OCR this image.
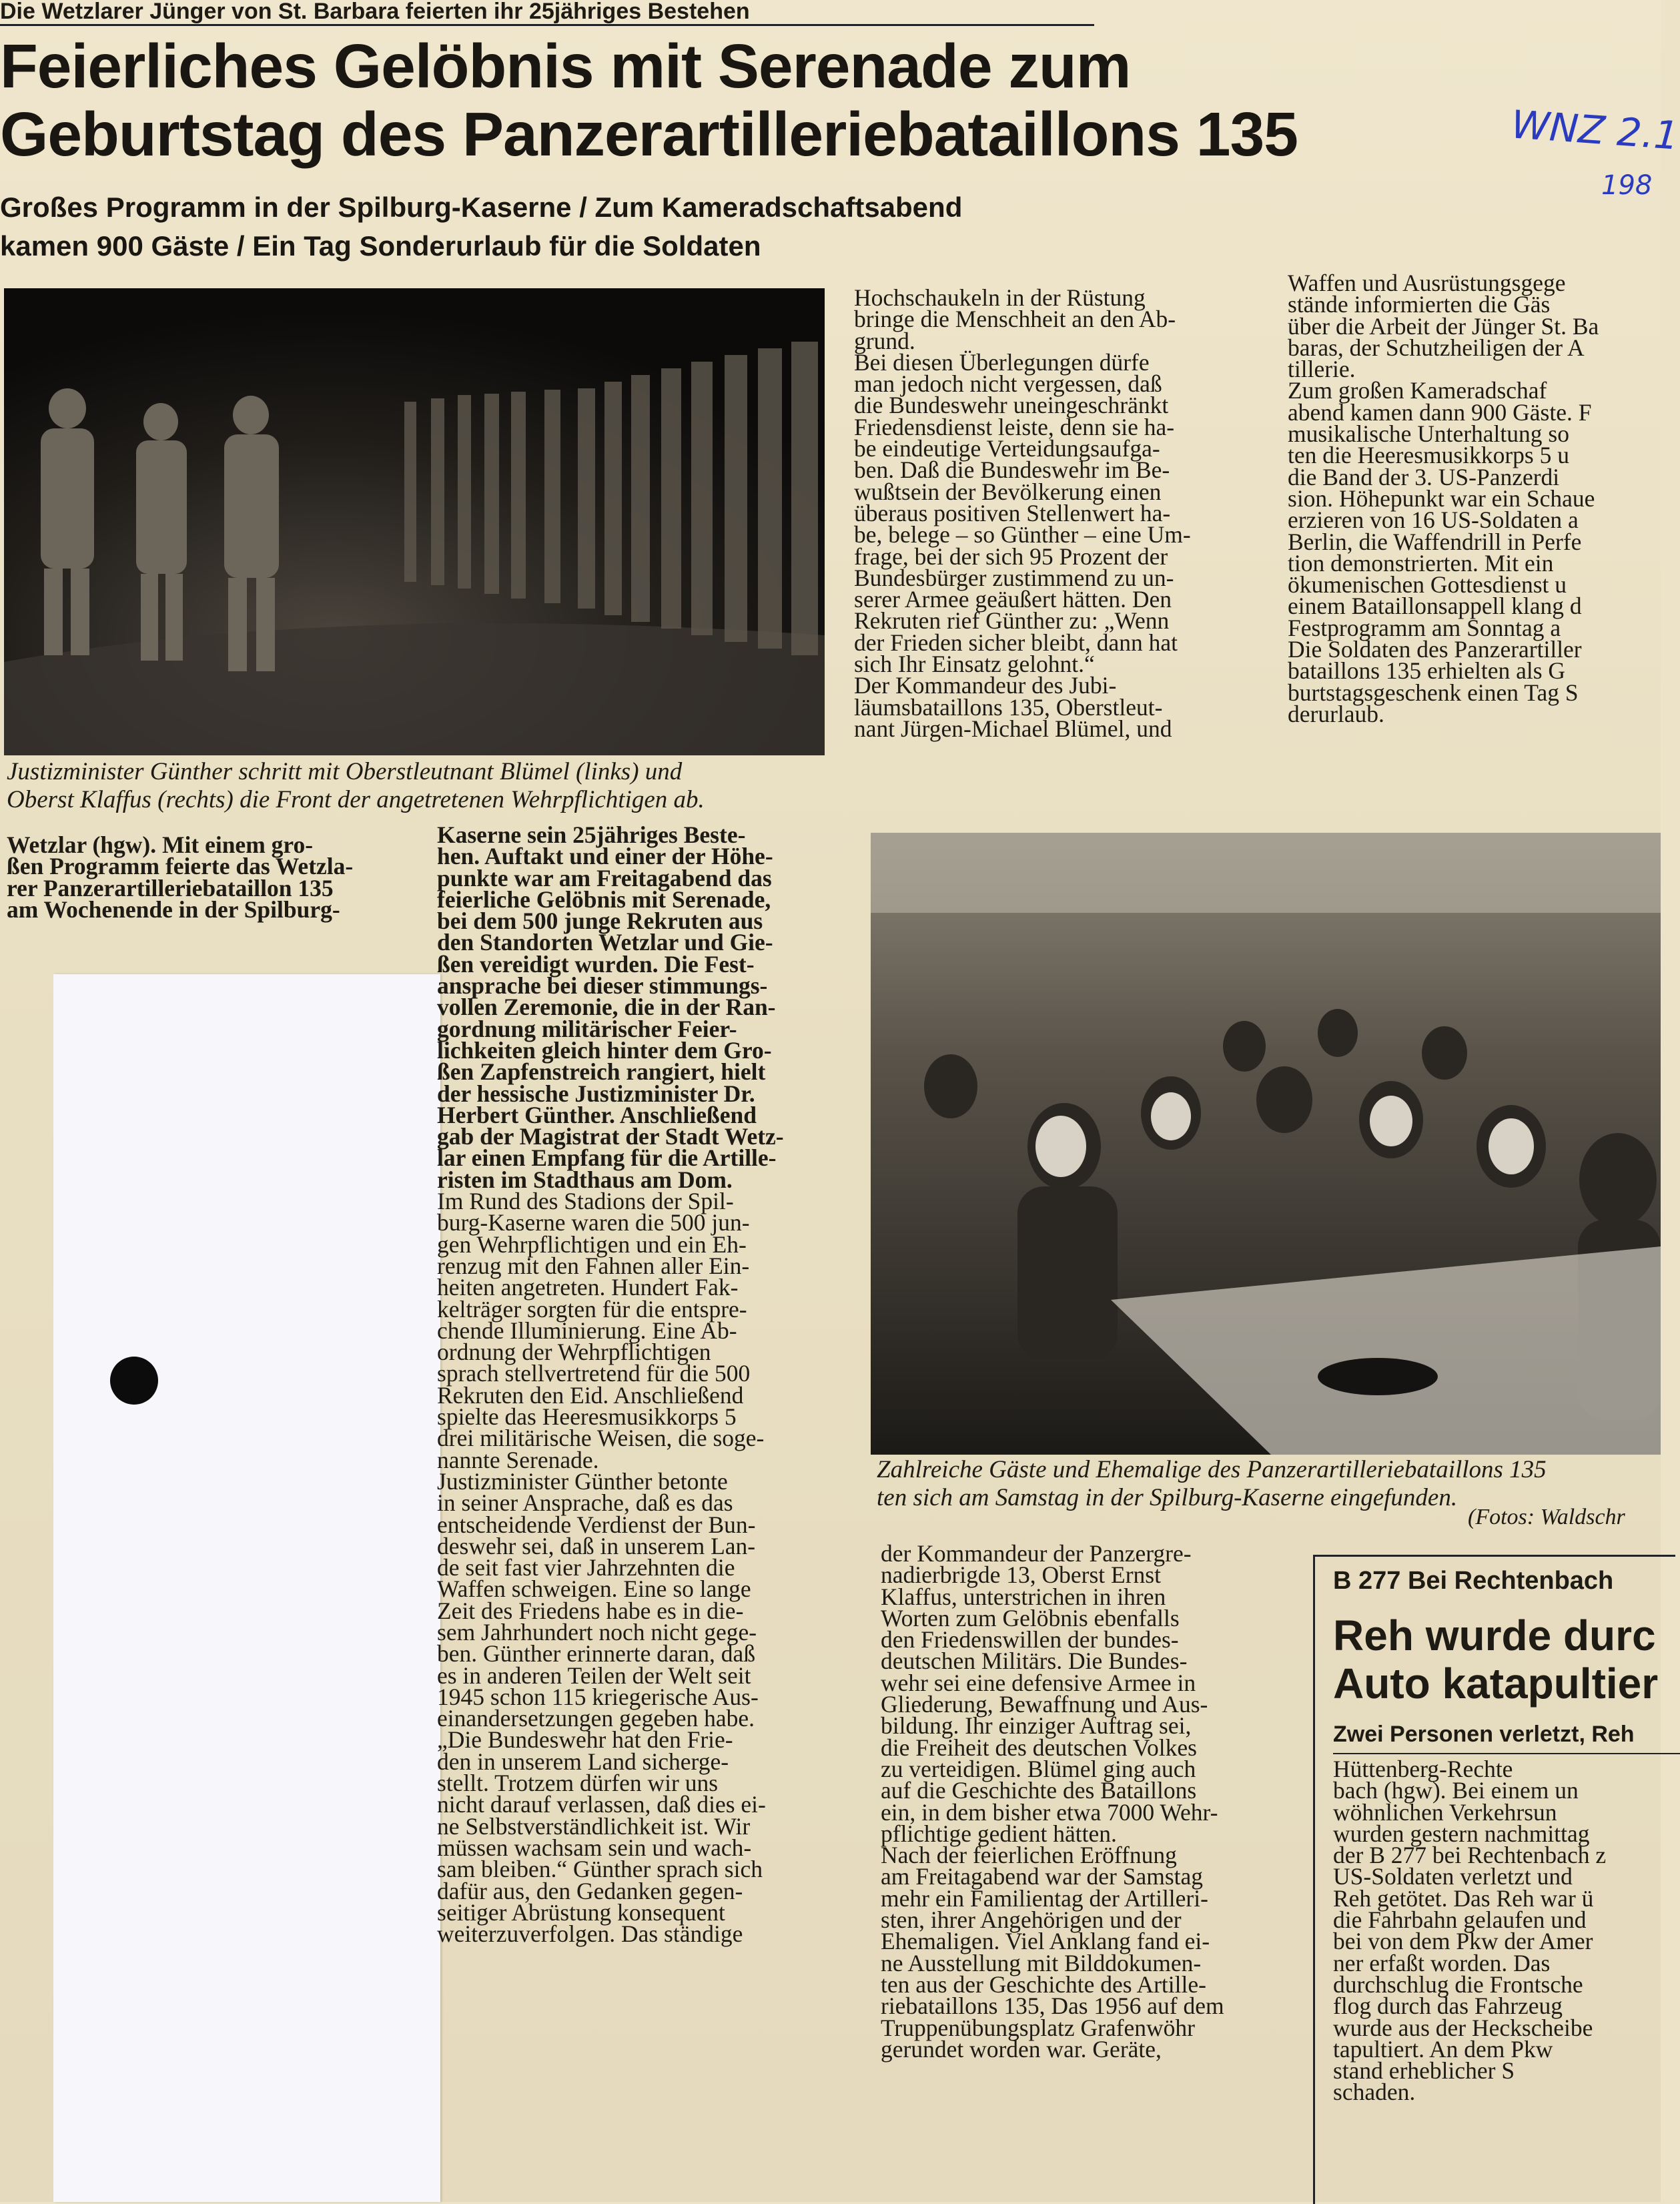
Die Wetzlarer Jünger von St. Barbara feierten ihr 25jähriges Bestehen
Feierliches Gelöbnis mit Serenade zum
Geburtstag des Panzerartilleriebataillons 135	WNZ 2.1
198
Großes Programm in der Spilburg-Kaserne / Zum Kameradschaftsabend
kamen 900 Gäste / Ein Tag Sonderurlaub für die Soldaten
Justizminister Günther schritt mit Oberstleutnant Blümel (links) und
Oberst Klaffus (rechts) die Front der angetretenen Wehrpflichtigen ab.
Zahlreiche Gäste und Ehemalige des Panzerartilleriebataillons 135
ten sich am Samstag in der Spilburg-Kaserne eingefunden.
(Fotos: Waldschr
Wetzlar (hgw). Mit einem gro-
ßen Programm feierte das Wetzla-
rer Panzerartilleriebataillon 135
am Wochenende in der Spilburg-
Kaserne sein 25jähriges Beste-
hen. Auftakt und einer der Höhe-
punkte war am Freitagabend das
feierliche Gelöbnis mit Serenade,
bei dem 500 junge Rekruten aus
den Standorten Wetzlar und Gie-
ßen vereidigt wurden. Die Fest-
ansprache bei dieser stimmungs-
vollen Zeremonie, die in der Ran-
gordnung militärischer Feier-
lichkeiten gleich hinter dem Gro-
ßen Zapfenstreich rangiert, hielt
der hessische Justizminister Dr.
Herbert Günther. Anschließend
gab der Magistrat der Stadt Wetz-
lar einen Empfang für die Artille-
risten im Stadthaus am Dom.
Im Rund des Stadions der Spil-
burg-Kaserne waren die 500 jun-
gen Wehrpflichtigen und ein Eh-
renzug mit den Fahnen aller Ein-
heiten angetreten. Hundert Fak-
kelträger sorgten für die entspre-
chende Illuminierung. Eine Ab-
ordnung der Wehrpflichtigen
sprach stellvertretend für die 500
Rekruten den Eid. Anschließend
spielte das Heeresmusikkorps 5
drei militärische Weisen, die soge-
nannte Serenade.
Justizminister Günther betonte
in seiner Ansprache, daß es das
entscheidende Verdienst der Bun-
deswehr sei, daß in unserem Lan-
de seit fast vier Jahrzehnten die
Waffen schweigen. Eine so lange
Zeit des Friedens habe es in die-
sem Jahrhundert noch nicht gege-
ben. Günther erinnerte daran, daß
es in anderen Teilen der Welt seit
1945 schon 115 kriegerische Aus-
einandersetzungen gegeben habe.
„Die Bundeswehr hat den Frie-
den in unserem Land sicherge-
stellt. Trotzem dürfen wir uns
nicht darauf verlassen, daß dies ei-
ne Selbstverständlichkeit ist. Wir
müssen wachsam sein und wach-
sam bleiben.“ Günther sprach sich
dafür aus, den Gedanken gegen-
seitiger Abrüstung konsequent
weiterzuverfolgen. Das ständige
Hochschaukeln in der Rüstung
bringe die Menschheit an den Ab-
grund.
Bei diesen Überlegungen dürfe
man jedoch nicht vergessen, daß
die Bundeswehr uneingeschränkt
Friedensdienst leiste, denn sie ha-
be eindeutige Verteidungsaufga-
ben. Daß die Bundeswehr im Be-
wußtsein der Bevölkerung einen
überaus positiven Stellenwert ha-
be, belege – so Günther – eine Um-
frage, bei der sich 95 Prozent der
Bundesbürger zustimmend zu un-
serer Armee geäußert hätten. Den
Rekruten rief Günther zu: „Wenn
der Frieden sicher bleibt, dann hat
sich Ihr Einsatz gelohnt.“
Der Kommandeur des Jubi-
läumsbataillons 135, Oberstleut-
nant Jürgen-Michael Blümel, und
der Kommandeur der Panzergre-
nadierbrigde 13, Oberst Ernst
Klaffus, unterstrichen in ihren
Worten zum Gelöbnis ebenfalls
den Friedenswillen der bundes-
deutschen Militärs. Die Bundes-
wehr sei eine defensive Armee in
Gliederung, Bewaffnung und Aus-
bildung. Ihr einziger Auftrag sei,
die Freiheit des deutschen Volkes
zu verteidigen. Blümel ging auch
auf die Geschichte des Bataillons
ein, in dem bisher etwa 7000 Wehr-
pflichtige gedient hätten.
Nach der feierlichen Eröffnung
am Freitagabend war der Samstag
mehr ein Familientag der Artilleri-
sten, ihrer Angehörigen und der
Ehemaligen. Viel Anklang fand ei-
ne Ausstellung mit Bilddokumen-
ten aus der Geschichte des Artille-
riebataillons 135, Das 1956 auf dem
Truppenübungsplatz Grafenwöhr
gerundet worden war. Geräte,
Waffen und Ausrüstungsgege
stände informierten die Gäs
über die Arbeit der Jünger St. Ba
baras, der Schutzheiligen der A
tillerie.
Zum großen Kameradschaf
abend kamen dann 900 Gäste. F
musikalische Unterhaltung so
ten die Heeresmusikkorps 5 u
die Band der 3. US-Panzerdi
sion. Höhepunkt war ein Schaue
erzieren von 16 US-Soldaten a
Berlin, die Waffendrill in Perfe
tion demonstrierten. Mit ein
ökumenischen Gottesdienst u
einem Bataillonsappell klang d
Festprogramm am Sonntag a
Die Soldaten des Panzerartiller
bataillons 135 erhielten als G
burtstagsgeschenk einen Tag S
derurlaub.
B 277 Bei Rechtenbach
Reh wurde durc
Auto katapultier
Zwei Personen verletzt, Reh
Hüttenberg-Rechte
bach (hgw). Bei einem un
wöhnlichen Verkehrsun
wurden gestern nachmittag
der B 277 bei Rechtenbach z
US-Soldaten verletzt und
Reh getötet. Das Reh war ü
die Fahrbahn gelaufen und
bei von dem Pkw der Amer
ner erfaßt worden. Das
durchschlug die Frontsche
flog durch das Fahrzeug
wurde aus der Heckscheibe
tapultiert. An dem Pkw
stand erheblicher S
schaden.
